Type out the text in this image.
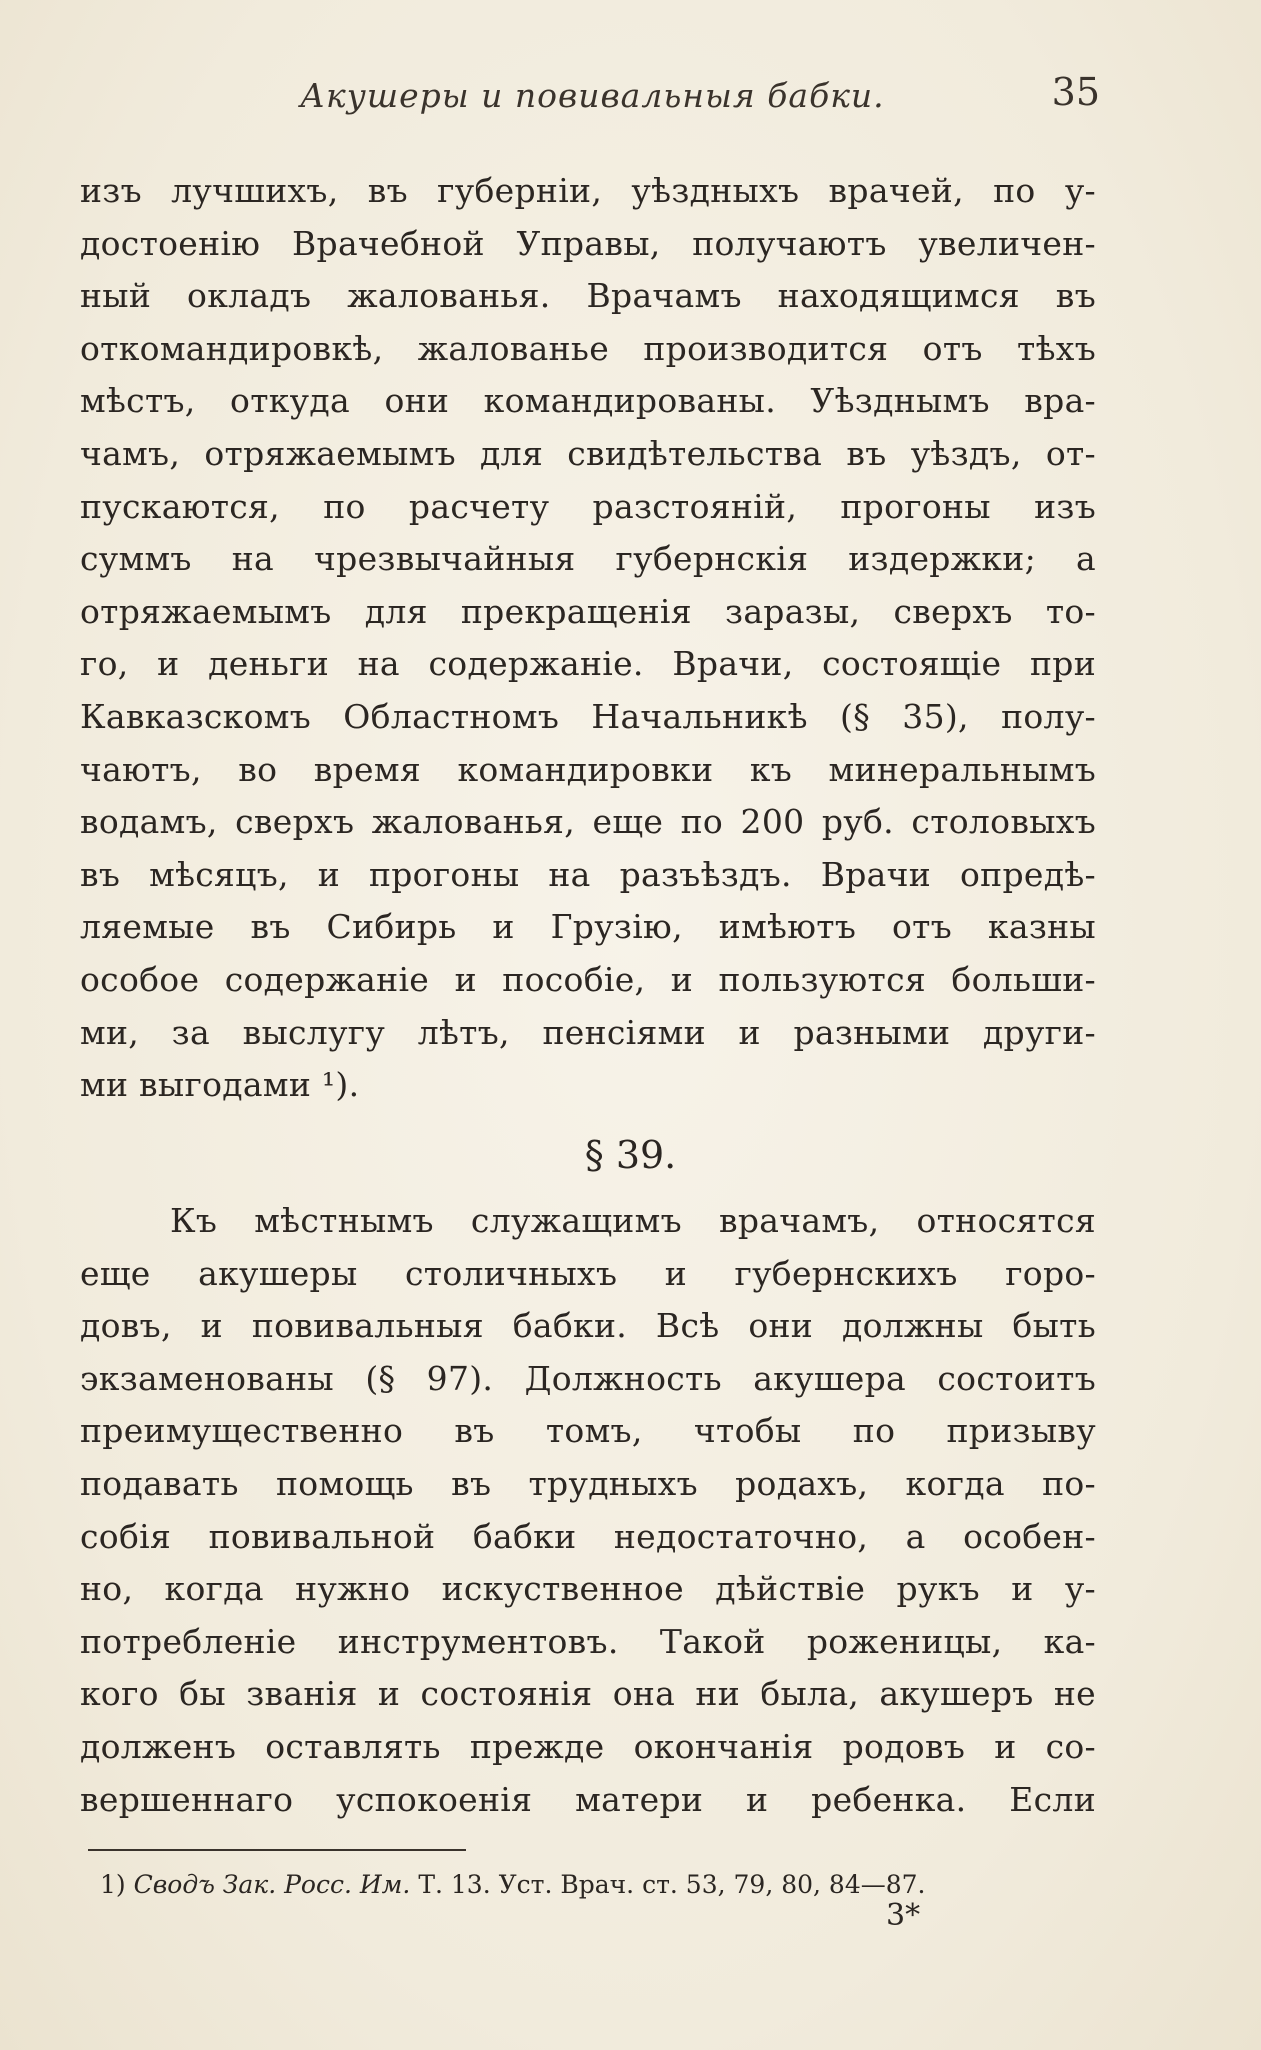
Акушеры и повивальныя бабки.	35
изъ лучшихъ, въ губерніи, уѣздныхъ врачей, по у-
достоенію Врачебной Управы, получаютъ увеличен-
ный окладъ жалованья. Врачамъ находящимся въ
откомандировкѣ, жалованье производится отъ тѣхъ
мѣстъ, откуда они командированы. Уѣзднымъ вра-
чамъ, отряжаемымъ для свидѣтельства въ уѣздъ, от-
пускаются, по расчету разстояній, прогоны изъ
суммъ на чрезвычайныя губернскія издержки; а
отряжаемымъ для прекращенія заразы, сверхъ то-
го, и деньги на содержаніе. Врачи, состоящіе при
Кавказскомъ Областномъ Начальникѣ (§ 35), полу-
чаютъ, во время командировки къ минеральнымъ
водамъ, сверхъ жалованья, еще по 200 руб. столовыхъ
въ мѣсяцъ, и прогоны на разъѣздъ. Врачи опредѣ-
ляемые въ Сибирь и Грузію, имѣютъ отъ казны
особое содержаніе и пособіе, и пользуются больши-
ми, за выслугу лѣтъ, пенсіями и разными други-
ми выгодами ¹).
§ 39.
Къ мѣстнымъ служащимъ врачамъ, относятся
еще акушеры столичныхъ и губернскихъ горо-
довъ, и повивальныя бабки. Всѣ они должны быть
экзаменованы (§ 97). Должность акушера состоитъ
преимущественно въ томъ, чтобы по призыву
подавать помощь въ трудныхъ родахъ, когда по-
собія повивальной бабки недостаточно, а особен-
но, когда нужно искуственное дѣйствіе рукъ и у-
потребленіе инструментовъ. Такой роженицы, ка-
кого бы званія и состоянія она ни была, акушеръ не
долженъ оставлять прежде окончанія родовъ и со-
вершеннаго успокоенія матери и ребенка. Если
1) Сводъ Зак. Росс. Им. Т. 13. Уст. Врач. ст. 53, 79, 80, 84—87.
3*
